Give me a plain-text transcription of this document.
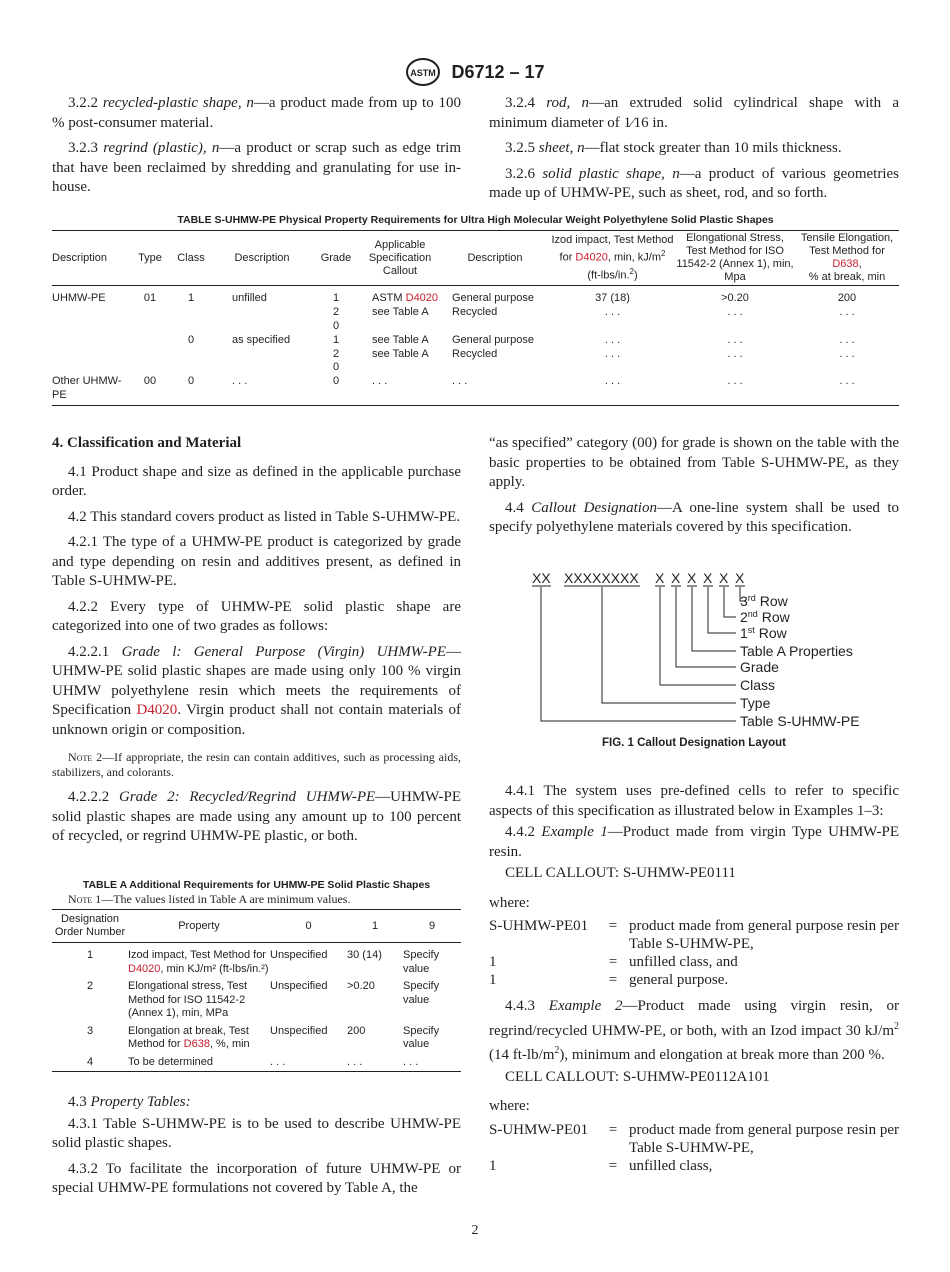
ASTM D6712 – 17

3.2.2 recycled-plastic shape, n—a product made from up to 100 % post-consumer material.

3.2.3 regrind (plastic), n—a product or scrap such as edge trim that have been reclaimed by shredding and granulating for use in-house.

3.2.4 rod, n—an extruded solid cylindrical shape with a minimum diameter of 1⁄16 in.

3.2.5 sheet, n—flat stock greater than 10 mils thickness.

3.2.6 solid plastic shape, n—a product of various geometries made up of UHMW-PE, such as sheet, rod, and so forth.

TABLE S-UHMW-PE Physical Property Requirements for Ultra High Molecular Weight Polyethylene Solid Plastic Shapes
Description	Type	Class	Description	Grade	Applicable Specification Callout	Description	Izod impact, Test Method
for D4020, min, $kJ/m^2$
(ft-lbs/in.$^2$)	Elongational Stress, Test Method for ISO 11542-2 (Annex 1), min, Mpa	Tensile Elongation, Test Method for
D638,
% at break, min
UHMW-PE	01	1	unfilled	1	ASTM D4020	General purpose	37 (18)	>0.20	200
				2	see Table A	Recycled	. . .	. . .	. . .
				0					
		0	as specified	1	see Table A	General purpose	. . .	. . .	. . .
				2	see Table A	Recycled	. . .	. . .	. . .
				0					
Other UHMW-PE	00	0	. . .	0	. . .	. . .	. . .	. . .	. . .

4. Classification and Material

4.1 Product shape and size as defined in the applicable purchase order.

4.2 This standard covers product as listed in Table S-UHMW-PE.

4.2.1 The type of a UHMW-PE product is categorized by grade and type depending on resin and additives present, as defined in Table S-UHMW-PE.

4.2.2 Every type of UHMW-PE solid plastic shape are categorized into one of two grades as follows:

4.2.2.1 Grade l: General Purpose (Virgin) UHMW-PE—UHMW-PE solid plastic shapes are made using only 100 % virgin UHMW polyethylene resin which meets the requirements of Specification D4020. Virgin product shall not contain materials of unknown origin or composition.

Note 2—If appropriate, the resin can contain additives, such as processing aids, stabilizers, and colorants.

4.2.2.2 Grade 2: Recycled/Regrind UHMW-PE—UHMW-PE solid plastic shapes are made using any amount up to 100 percent of recycled, or regrind UHMW-PE plastic, or both.

TABLE A Additional Requirements for UHMW-PE Solid Plastic Shapes
Note 1—The values listed in Table A are minimum values.
Designation Order Number	Property	0	1	9
1	Izod impact, Test Method for D4020, min KJ/m² (ft-lbs/in.²)	Unspecified	30 (14)	Specify value
2	Elongational stress, Test Method for ISO 11542-2 (Annex 1), min, MPa	Unspecified	>0.20	Specify value
3	Elongation at break, Test Method for D638, %, min	Unspecified	200	Specify value
4	To be determined	. . .	. . .	. . .

4.3 Property Tables:

4.3.1 Table S-UHMW-PE is to be used to describe UHMW-PE solid plastic shapes.

4.3.2 To facilitate the incorporation of future UHMW-PE or special UHMW-PE formulations not covered by Table A, the

“as specified” category (00) for grade is shown on the table with the basic properties to be obtained from Table S-UHMW-PE, as they apply.

4.4 Callout Designation—A one-line system shall be used to specify polyethylene materials covered by this specification.

XX XXXXXXXX X X X X X X
3rd Row
2nd Row
1st Row
Table A Properties
Grade
Class
Type
Table S-UHMW-PE
FIG. 1 Callout Designation Layout

4.4.1 The system uses pre-defined cells to refer to specific aspects of this specification as illustrated below in Examples 1–3:

4.4.2 Example 1—Product made from virgin Type UHMW-PE resin.

CELL CALLOUT: S-UHMW-PE0111

where:

S-UHMW-PE01	=	product made from general purpose resin per Table S-UHMW-PE,
1	=	unfilled class, and
1	=	general purpose.

4.4.3 Example 2—Product made using virgin resin, or regrind/recycled UHMW-PE, or both, with an Izod impact 30 $kJ/m^2$ (14 $ft-lb/m^2$), minimum and elongation at break more than 200 %.

CELL CALLOUT: S-UHMW-PE0112A101

where:

S-UHMW-PE01	=	product made from general purpose resin per Table S-UHMW-PE,
1	=	unfilled class,
2
